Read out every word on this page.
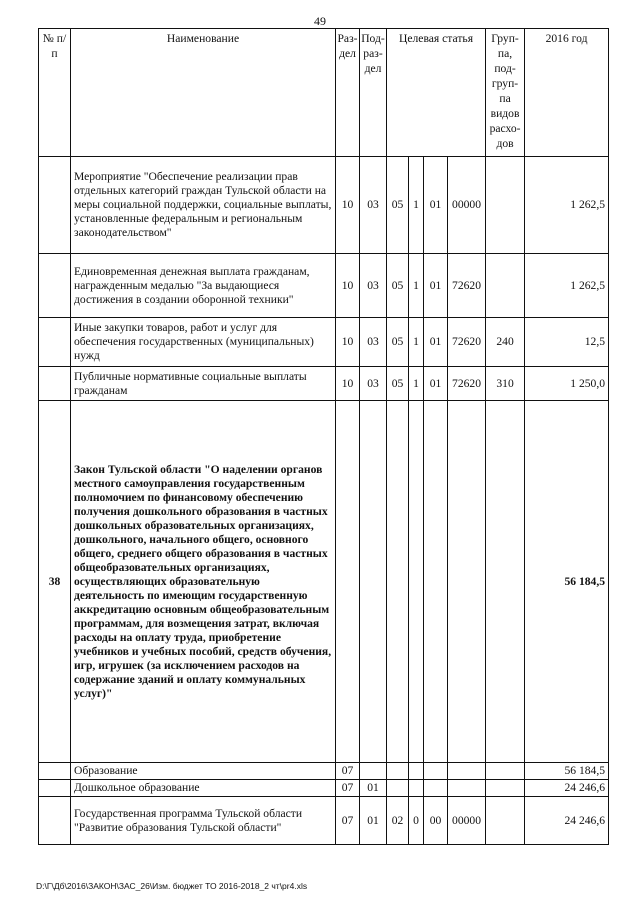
49
№ п/п	Наименование	Раз-дел	Под-раз-дел	Целевая статья				Груп-па, под-груп-па видов расхо-дов	2016 год
	Мероприятие "Обеспечение реализации прав отдельных категорий граждан Тульской области на меры социальной поддержки, социальные выплаты, установленные федеральным и региональным законодательством"	10	03	05	1	01	00000		1 262,5
	Единовременная денежная выплата гражданам, награжденным медалью "За выдающиеся достижения в создании оборонной техники"	10	03	05	1	01	72620		1 262,5
	Иные закупки товаров, работ и услуг для обеспечения государственных (муниципальных) нужд	10	03	05	1	01	72620	240	12,5
	Публичные нормативные социальные выплаты гражданам	10	03	05	1	01	72620	310	1 250,0
38	Закон Тульской области "О наделении органов местного самоуправления государственным полномочием по финансовому обеспечению получения дошкольного образования в частных дошкольных образовательных организациях, дошкольного, начального общего, основного общего, среднего общего образования в частных общеобразовательных организациях, осуществляющих образовательную деятельность по имеющим государственную аккредитацию основным общеобразовательным программам, для возмещения затрат, включая расходы на оплату труда, приобретение учебников и учебных пособий, средств обучения, игр, игрушек (за исключением расходов на содержание зданий и оплату коммунальных услуг)"								56 184,5
	Образование	07							56 184,5
	Дошкольное образование	07	01						24 246,6
	Государственная программа Тульской области "Развитие образования Тульской области"	07	01	02	0	00	00000		24 246,6
D:\Г\Дб\2016\ЗАКОН\ЗАС_26\Изм. бюджет ТО 2016-2018_2 чт\pr4.xls
